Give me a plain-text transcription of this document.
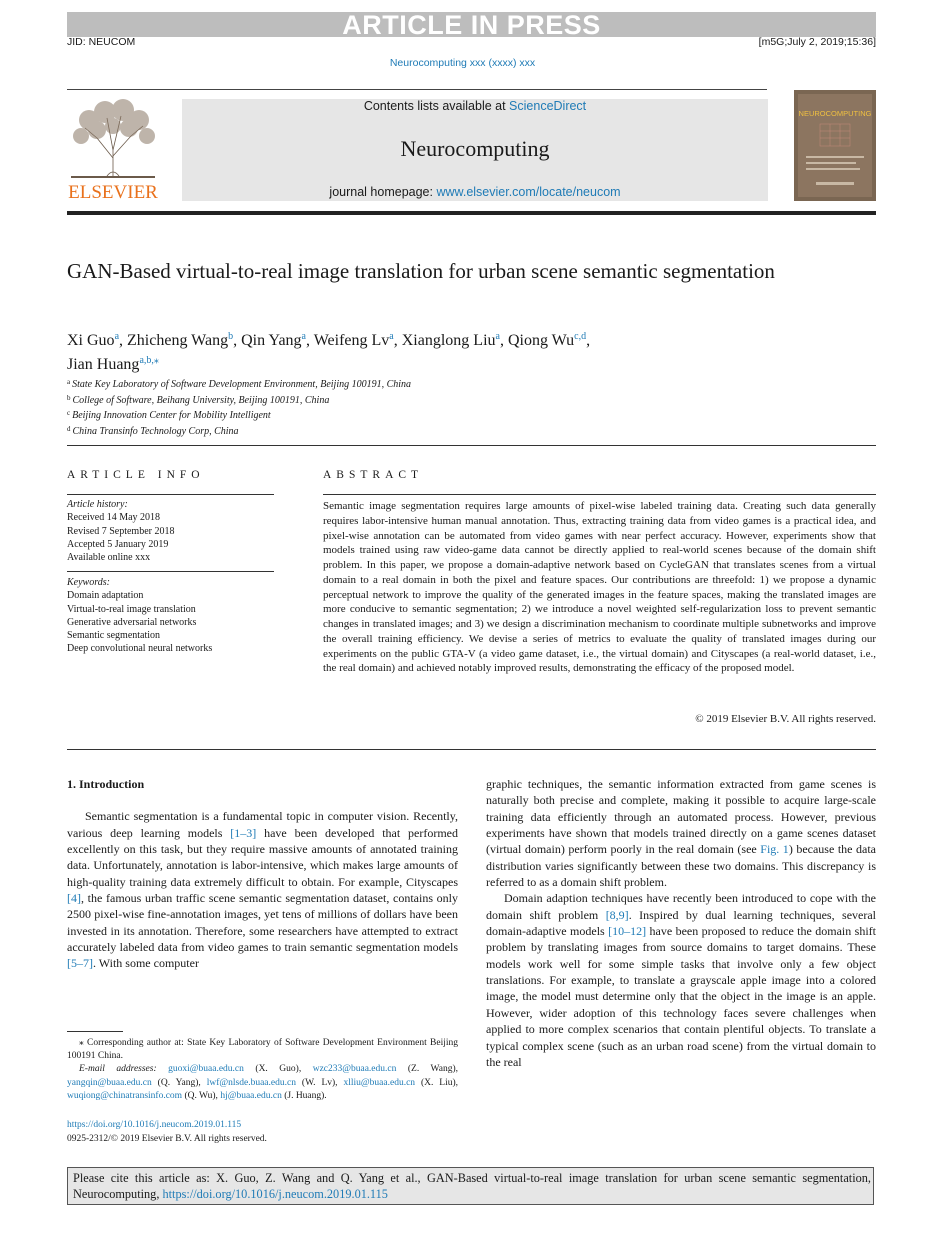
ARTICLE IN PRESS
JID: NEUCOM	[m5G;July 2, 2019;15:36]
Neurocomputing xxx (xxxx) xxx
ELSEVIER
Contents lists available at ScienceDirect
Neurocomputing
journal homepage: www.elsevier.com/locate/neucom
NEUROCOMPUTING
GAN-Based virtual-to-real image translation for urban scene semantic segmentation
Xi Guo$^a$, Zhicheng Wang$^b$, Qin Yang$^a$, Weifeng Lv$^a$, Xianglong Liu$^a$, Qiong Wu$^{c,d}$,
Jian Huang$^{a,b,⁎}$
$^a$ State Key Laboratory of Software Development Environment, Beijing 100191, China
$^b$ College of Software, Beihang University, Beijing 100191, China
$^c$ Beijing Innovation Center for Mobility Intelligent
$^d$ China Transinfo Technology Corp, China
ARTICLE INFO
Article history:
Received 14 May 2018
Revised 7 September 2018
Accepted 5 January 2019
Available online xxx
Keywords:
Domain adaptation
Virtual-to-real image translation
Generative adversarial networks
Semantic segmentation
Deep convolutional neural networks
ABSTRACT
Semantic image segmentation requires large amounts of pixel-wise labeled training data. Creating such data generally requires labor-intensive human manual annotation. Thus, extracting training data from video games is a practical idea, and pixel-wise annotation can be automated from video games with near perfect accuracy. However, experiments show that models trained using raw video-game data cannot be directly applied to real-world scenes because of the domain shift problem. In this paper, we propose a domain-adaptive network based on CycleGAN that translates scenes from a virtual domain to a real domain in both the pixel and feature spaces. Our contributions are threefold: 1) we propose a dynamic perceptual network to improve the quality of the generated images in the feature spaces, making the translated images are more conducive to semantic segmentation; 2) we introduce a novel weighted self-regularization loss to prevent semantic changes in translated images; and 3) we design a discrimination mechanism to coordinate multiple subnetworks and improve the overall training efficiency. We devise a series of metrics to evaluate the quality of translated images during our experiments on the public GTA-V (a video game dataset, i.e., the virtual domain) and Cityscapes (a real-world dataset, i.e., the real domain) and achieved notably improved results, demonstrating the efficacy of the proposed model.
© 2019 Elsevier B.V. All rights reserved.
1. Introduction

Semantic segmentation is a fundamental topic in computer vision. Recently, various deep learning models [1–3] have been developed that performed excellently on this task, but they require massive amounts of annotated training data. Unfortunately, annotation is labor-intensive, which makes large amounts of high-quality training data extremely difficult to obtain. For example, Cityscapes [4], the famous urban traffic scene semantic segmentation dataset, contains only 2500 pixel-wise fine-annotation images, yet tens of millions of dollars have been invested in its annotation. Therefore, some researchers have attempted to extract accurately labeled data from video games to train semantic segmentation models [5–7]. With some computer

graphic techniques, the semantic information extracted from game scenes is naturally both precise and complete, making it possible to acquire large-scale training data efficiently through an automated process. However, previous experiments have shown that models trained directly on a game scenes dataset (virtual domain) perform poorly in the real domain (see Fig. 1) because the data distribution varies significantly between these two domains. This discrepancy is referred to as a domain shift problem.

Domain adaption techniques have recently been introduced to cope with the domain shift problem [8,9]. Inspired by dual learning techniques, several domain-adaptive models [10–12] have been proposed to reduce the domain shift problem by translating images from source domains to target domains. These models work well for some simple tasks that involve only a few object translations. For example, to translate a grayscale apple image into a colored image, the model must determine only that the object in the image is an apple. However, wider adoption of this technology faces severe challenges when applied to more complex scenarios that contain plentiful objects. To translate a typical complex scene (such as an urban road scene) from the virtual domain to the real

⁎ Corresponding author at: State Key Laboratory of Software Development Environment Beijing 100191 China.
E-mail addresses: guoxi@buaa.edu.cn (X. Guo), wzc233@buaa.edu.cn (Z. Wang), yangqin@buaa.edu.cn (Q. Yang), lwf@nlsde.buaa.edu.cn (W. Lv), xlliu@buaa.edu.cn (X. Liu), wuqiong@chinatransinfo.com (Q. Wu), hj@buaa.edu.cn (J. Huang).
https://doi.org/10.1016/j.neucom.2019.01.115
0925-2312/© 2019 Elsevier B.V. All rights reserved.
Please cite this article as: X. Guo, Z. Wang and Q. Yang et al., GAN-Based virtual-to-real image translation for urban scene semantic segmentation, Neurocomputing, https://doi.org/10.1016/j.neucom.2019.01.115
